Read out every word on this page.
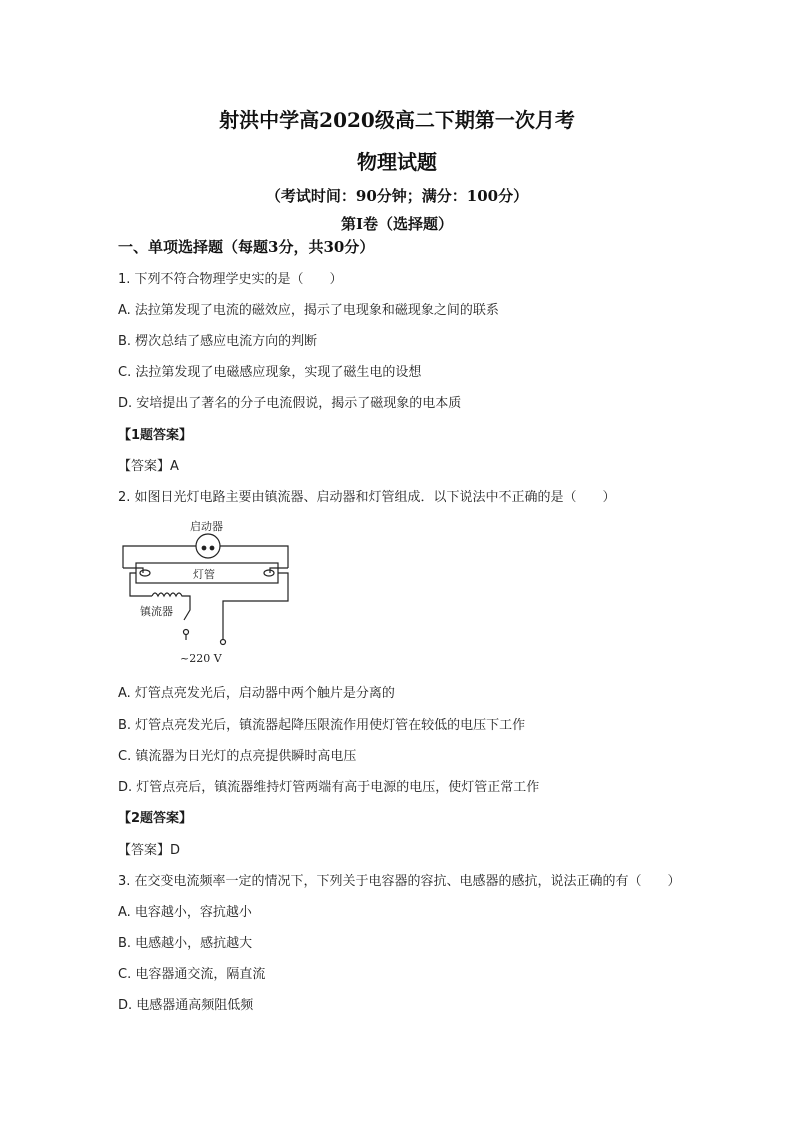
射洪中学高2020级高二下期第一次月考
物理试题
（考试时间：90分钟；满分：100分）
第Ⅰ卷（选择题）
一、单项选择题（每题3分，共30分）
1. 下列不符合物理学史实的是（　　）
A. 法拉第发现了电流的磁效应，揭示了电现象和磁现象之间的联系
B. 楞次总结了感应电流方向的判断
C. 法拉第发现了电磁感应现象，实现了磁生电的设想
D. 安培提出了著名的分子电流假说，揭示了磁现象的电本质
【1题答案】
【答案】A
2. 如图日光灯电路主要由镇流器、启动器和灯管组成．以下说法中不正确的是（　　）
启动器
灯管
镇流器
~220 V
A. 灯管点亮发光后，启动器中两个触片是分离的
B. 灯管点亮发光后，镇流器起降压限流作用使灯管在较低的电压下工作
C. 镇流器为日光灯的点亮提供瞬时高电压
D. 灯管点亮后，镇流器维持灯管两端有高于电源的电压，使灯管正常工作
【2题答案】
【答案】D
3. 在交变电流频率一定的情况下，下列关于电容器的容抗、电感器的感抗，说法正确的有（　　）
A. 电容越小，容抗越小
B. 电感越小，感抗越大
C. 电容器通交流，隔直流
D. 电感器通高频阻低频
